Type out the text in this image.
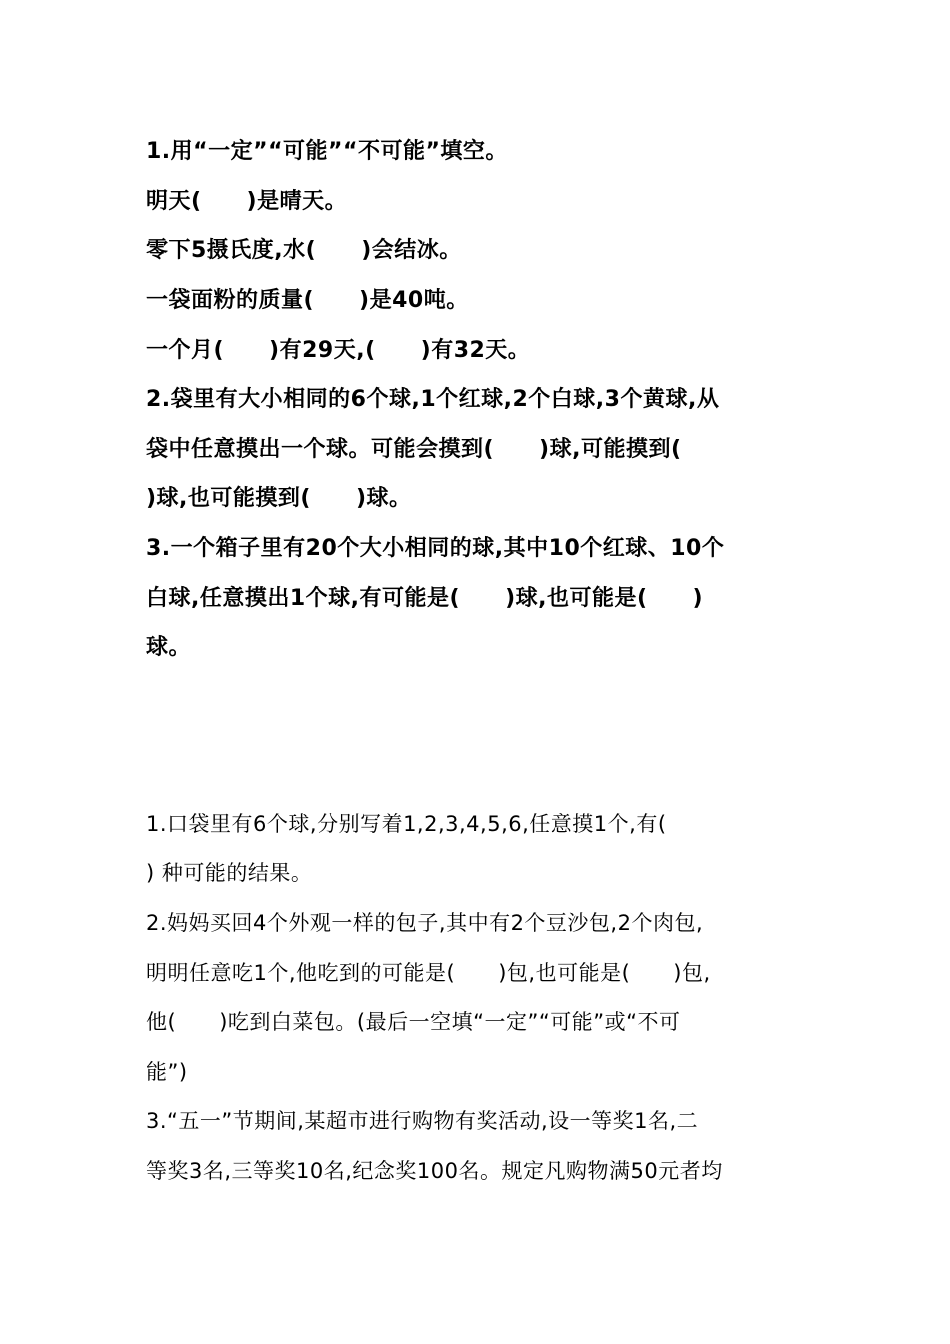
1.用“一定”“可能”“不可能”填空。
明天(　　)是晴天。
零下5摄氏度,水(　　)会结冰。
一袋面粉的质量(　　)是40吨。
一个月(　　)有29天,(　　)有32天。
2.袋里有大小相同的6个球,1个红球,2个白球,3个黄球,从
袋中任意摸出一个球。可能会摸到(　　)球,可能摸到(
)球,也可能摸到(　　)球。
3.一个箱子里有20个大小相同的球,其中10个红球、10个
白球,任意摸出1个球,有可能是(　　)球,也可能是(　　)
球。
1.口袋里有6个球,分别写着1,2,3,4,5,6,任意摸1个,有(
) 种可能的结果。
2.妈妈买回4个外观一样的包子,其中有2个豆沙包,2个肉包,
明明任意吃1个,他吃到的可能是(　　)包,也可能是(　　)包,
他(　　)吃到白菜包。(最后一空填“一定”“可能”或“不可
能”)
3.“五一”节期间,某超市进行购物有奖活动,设一等奖1名,二
等奖3名,三等奖10名,纪念奖100名。规定凡购物满50元者均
